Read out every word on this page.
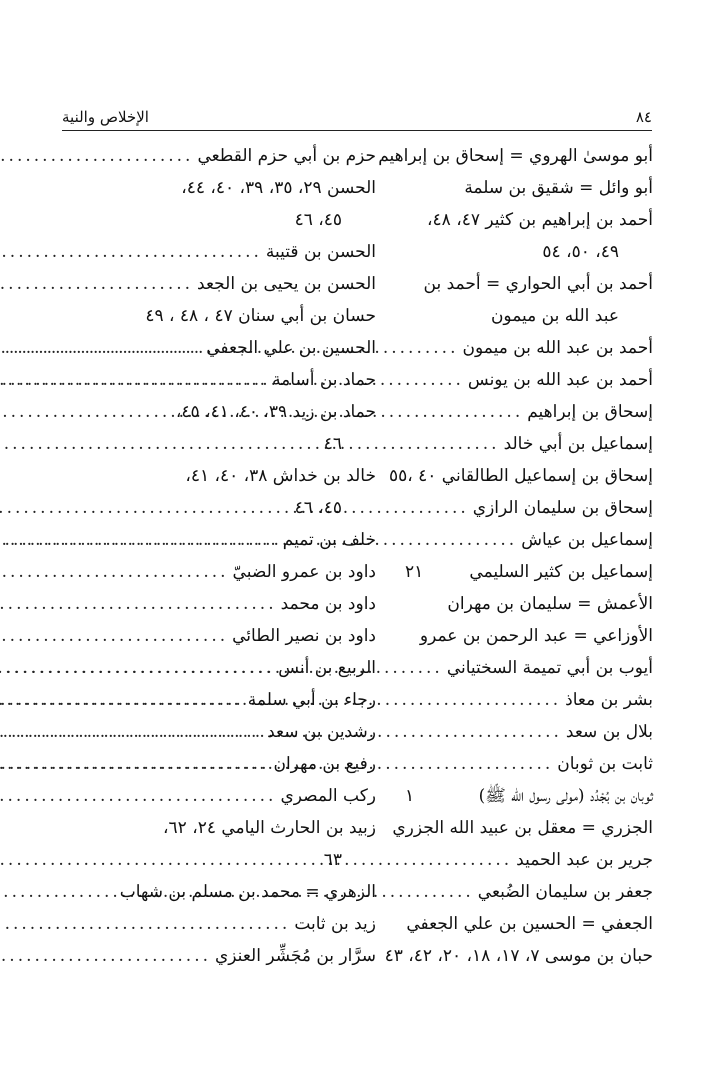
٨٤
الإخلاص والنية
أبو موسىٰ الهروي = إسحاق بن إبراهيم
أبو وائل = شقيق بن سلمة
أحمد بن إبراهيم بن كثير ٤٧، ٤٨،
٤٩، ٥٠، ٥٤
أحمد بن أبي الحواري = أحمد بن
عبد الله بن ميمون
أحمد بن عبد الله بن ميمون
.....
أحمد بن عبد الله بن يونس
.....
إسحاق بن إبراهيم
.....
إسماعيل بن أبي خالد
.....
إسحاق بن إسماعيل الطالقاني ٤٠ ،
٥٥
إسحاق بن سليمان الرازي
.....
إسماعيل بن عياش
.....
إسماعيل بن كثير السليمي
٢١
الأعمش = سليمان بن مهران
الأوزاعي = عبد الرحمن بن عمرو
أيوب بن أبي تميمة السختياني
.....
بشر بن معاذ
.....
بلال بن سعد
.....
ثابت بن ثوبان
.....
ثوبان بن بُجْدُد (مولى رسول الله ﷺ)
١
الجزري = معقل بن عبيد الله الجزري
جرير بن عبد الحميد
.....
جعفر بن سليمان الضُبعي
.....
الجعفي = الحسين بن علي الجعفي
حبان بن موسى ٧، ١٧، ١٨، ٢٠، ٤٢، ٤٣
حزم بن أبي حزم القطعي
.....
الحسن ٢٩، ٣٥، ٣٩، ٤٠، ٤٤،
٤٥، ٤٦
الحسن بن قتيبة
.....
الحسن بن يحيى بن الجعد
.....
حسان بن أبي سنان ٤٧ ، ٤٨ ، ٤٩
الحسين بن علي الجعفي
.....
حماد بن أسامة
.....
حماد بن زيد ٣٩، ٤٠، ٤١، ٤٥،
٤٦
خالد بن خداش ٣٨، ٤٠، ٤١،
٤٥، ٤٦
خلف بن تميم
.....
داود بن عمرو الضبيّ
.....
داود بن محمد
.....
داود بن نصير الطائي
.....
الربيع بن أنس
.....
رجاء بن أبي سلمة
.....
رشدين بن سعد
.....
رفيع بن مهران
.....
ركب المصري
.....
زبيد بن الحارث اليامي ٢٤، ٦٢،
٦٣
الزهري = محمد بن مسلم بن شهاب
زيد بن ثابت
.....
سرَّار بن مُجَشِّر العنزي
.....
